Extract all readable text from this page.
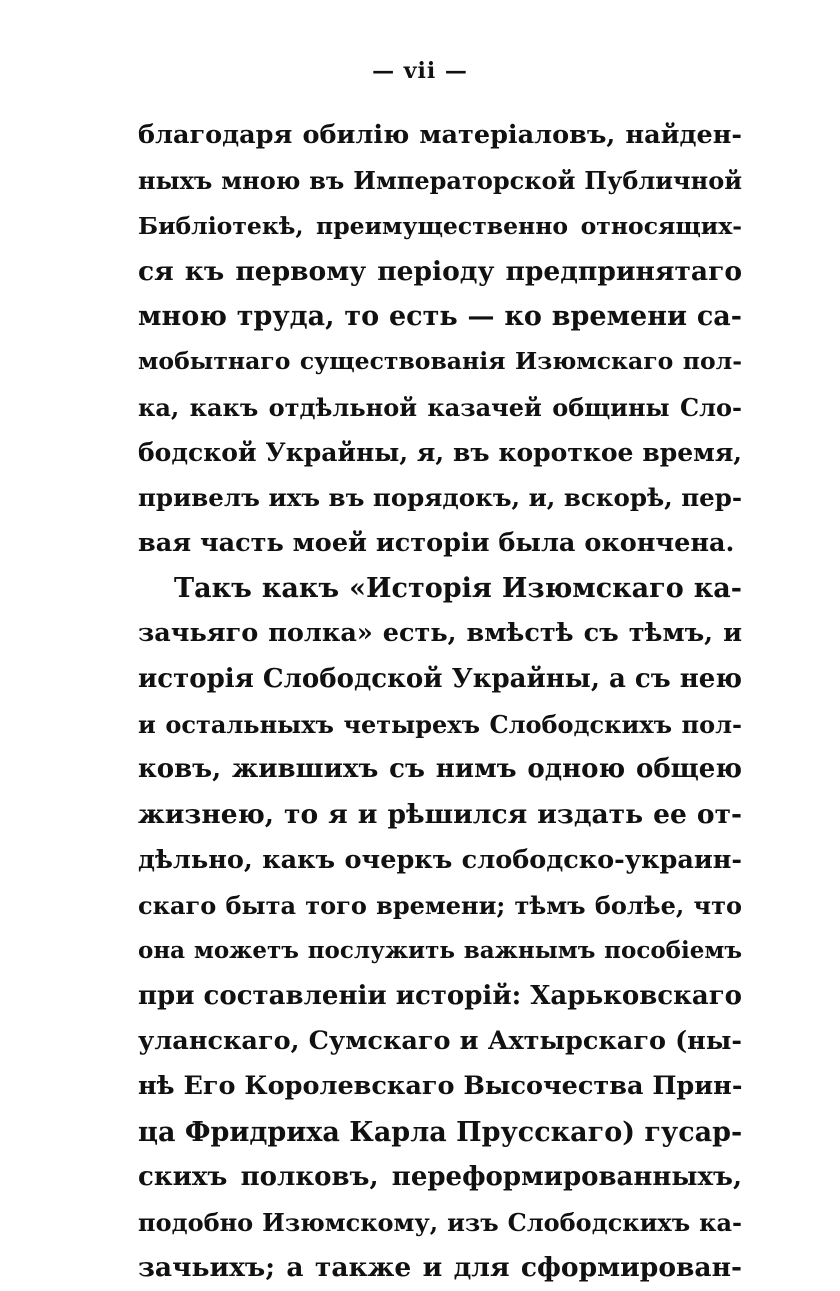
— vii —
благодаря обилію матеріаловъ, найден-
ныхъ мною въ Императорской Публичной
Библіотекѣ, преимущественно относящих-
ся къ первому періоду предпринятаго
мною труда, то есть — ко времени са-
мобытнаго существованія Изюмскаго пол-
ка, какъ отдѣльной казачей общины Сло-
бодской Украйны, я, въ короткое время,
привелъ ихъ въ порядокъ, и, вскорѣ, пер-
вая часть моей исторіи была окончена.
Такъ какъ «Исторія Изюмскаго ка-
зачьяго полка» есть, вмѣстѣ съ тѣмъ, и
исторія Слободской Украйны, а съ нею
и остальныхъ четырехъ Слободскихъ пол-
ковъ, жившихъ съ нимъ одною общею
жизнею, то я и рѣшился издать ее от-
дѣльно, какъ очеркъ слободско-украин-
скаго быта того времени; тѣмъ болѣе, что
она можетъ послужить важнымъ пособіемъ
при составленіи исторій: Харьковскаго
уланскаго, Сумскаго и Ахтырскаго (ны-
нѣ Его Королевскаго Высочества Прин-
ца Фридриха Карла Прусскаго) гусар-
скихъ полковъ, переформированныхъ,
подобно Изюмскому, изъ Слободскихъ ка-
зачьихъ; а также и для сформирован-
